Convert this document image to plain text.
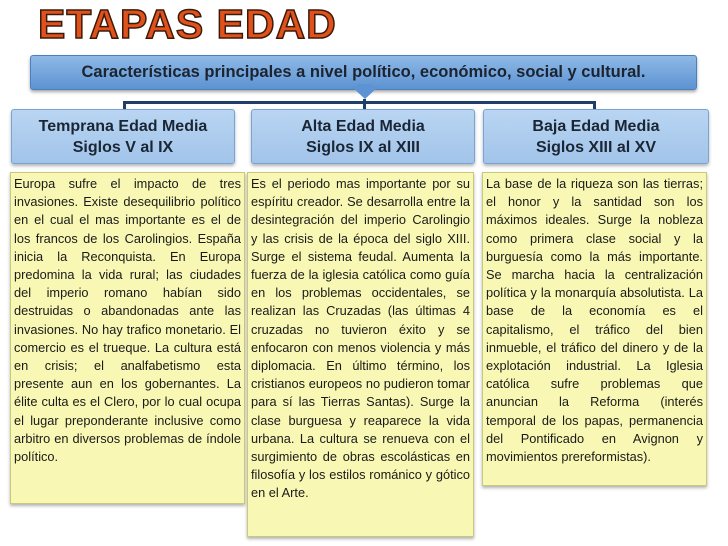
ETAPAS EDAD
Características principales a nivel político, económico, social y cultural.
Temprana Edad Media
Siglos V al IX
Alta Edad Media
Siglos IX al XIII
Baja Edad Media
Siglos XIII al XV
Europa sufre el impacto de tres invasiones. Existe desequilibrio político en el cual el mas importante es el de los francos de los Carolingios. España inicia la Reconquista. En Europa predomina la vida rural; las ciudades del imperio romano habían sido destruidas o abandonadas ante las invasiones. No hay trafico monetario. El comercio es el trueque. La cultura está en crisis; el analfabetismo esta presente aun en los gobernantes. La élite culta es el Clero, por lo cual ocupa el lugar preponderante inclusive como arbitro en diversos problemas de índole político.
Es el periodo mas importante por su espíritu creador. Se desarrolla entre la desintegración del imperio Carolingio y las crisis de la época del siglo XIII. Surge el sistema feudal. Aumenta la fuerza de la iglesia católica como guía en los problemas occidentales, se realizan las Cruzadas (las últimas 4 cruzadas no tuvieron éxito y se enfocaron con menos violencia y más diplomacia. En último término, los cristianos europeos no pudieron tomar para sí las Tierras Santas). Surge la clase burguesa y reaparece la vida urbana. La cultura se renueva con el surgimiento de obras escolásticas en filosofía y los estilos románico y gótico en el Arte.
La base de la riqueza son las tierras; el honor y la santidad son los máximos ideales. Surge la nobleza como primera clase social y la burguesía como la más importante. Se marcha hacia la centralización política y la monarquía absolutista. La base de la economía es el capitalismo, el tráfico del bien inmueble, el tráfico del dinero y de la explotación industrial. La Iglesia católica sufre problemas que anuncian la Reforma (interés temporal de los papas, permanencia del Pontificado en Avignon y movimientos prereformistas).
